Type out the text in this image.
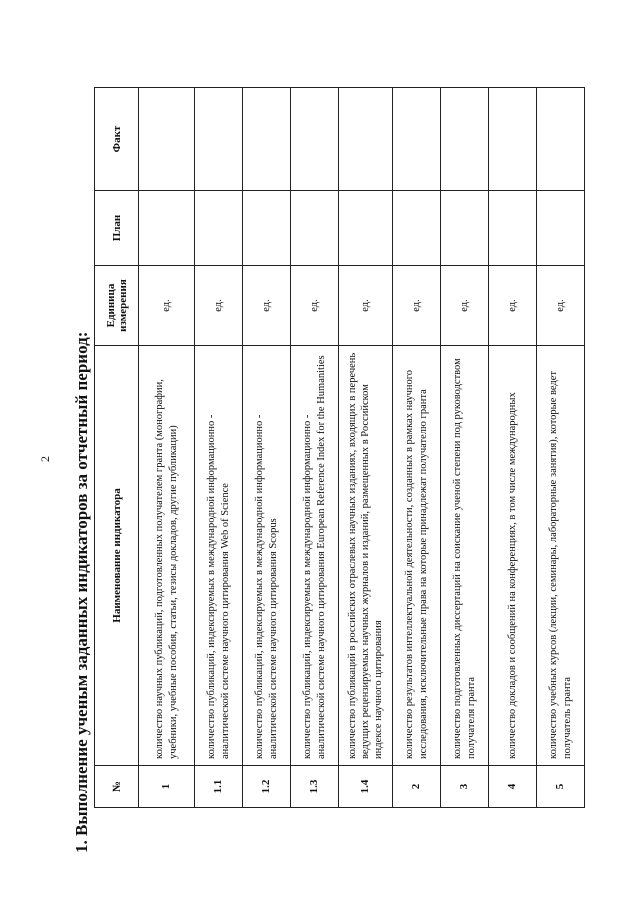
2 1. Выполнение ученым заданных индикаторов за отчетный период: №	Наименование индикатора	Единица измерения	План	Факт
1	количество научных публикаций, подготовленных получателем гранта (монографии, учебники, учебные пособия, статьи, тезисы докладов, другие публикации)	ед.		
1.1	количество публикаций, индексируемых в международной информационно - аналитической системе научного цитирования Web of Science	ед.		
1.2	количество публикаций, индексируемых в международной информационно - аналитической системе научного цитирования Scopus	ед.		
1.3	количество публикаций, индексируемых в международной информационно - аналитической системе научного цитирования European Reference Index for the Humanities	ед.		
1.4	количество публикаций в российских отраслевых научных изданиях, входящих в перечень ведущих рецензируемых научных журналов и изданий, размещенных в Российском индексе научного цитирования	ед.		
2	количество результатов интеллектуальной деятельности, созданных в рамках научного исследования, исключительные права на которые принадлежат получателю гранта	ед.		
3	количество подготовленных диссертаций на соискание ученой степени под руководством получателя гранта	ед.		
4	количество докладов и сообщений на конференциях, в том числе международных	ед.		
5	количество учебных курсов (лекции, семинары, лабораторные занятия), которые ведет получатель гранта	ед.		
